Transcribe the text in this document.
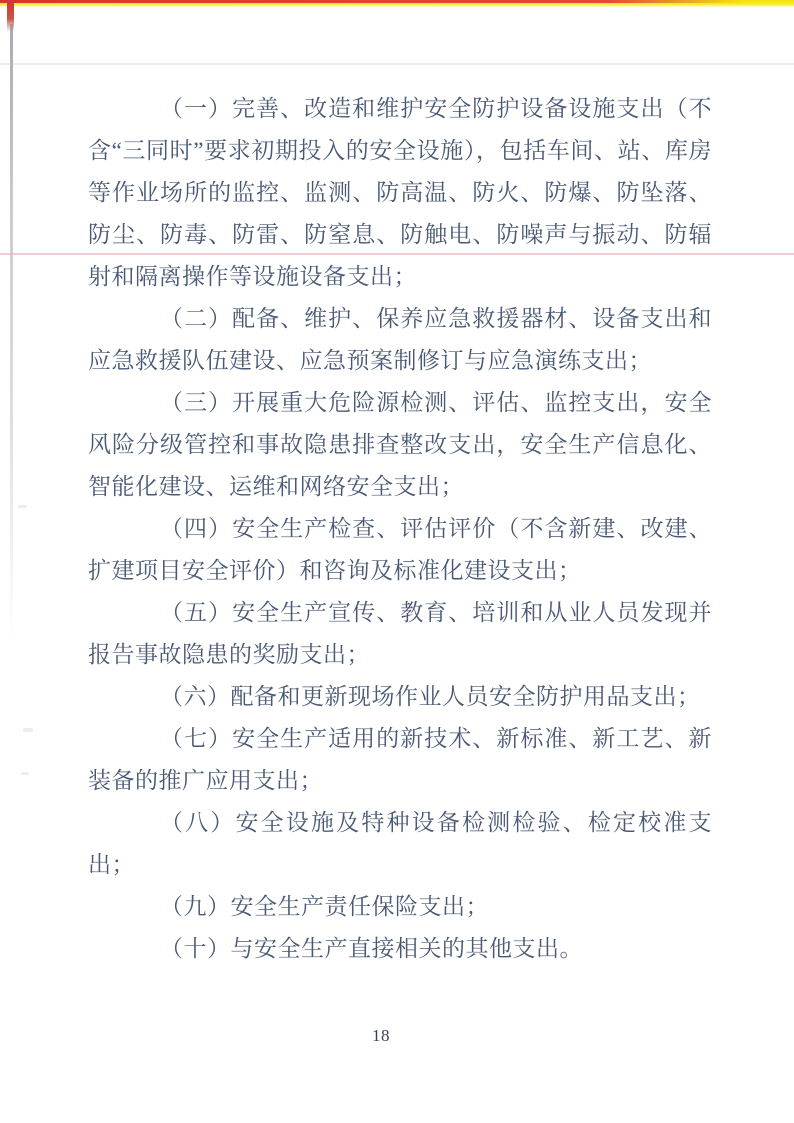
（一）完善、改造和维护安全防护设备设施支出（不含“三同时”要求初期投入的安全设施），包括车间、站、库房等作业场所的监控、监测、防高温、防火、防爆、防坠落、防尘、防毒、防雷、防窒息、防触电、防噪声与振动、防辐射和隔离操作等设施设备支出；

（二）配备、维护、保养应急救援器材、设备支出和应急救援队伍建设、应急预案制修订与应急演练支出；

（三）开展重大危险源检测、评估、监控支出，安全风险分级管控和事故隐患排查整改支出，安全生产信息化、智能化建设、运维和网络安全支出；

（四）安全生产检查、评估评价（不含新建、改建、扩建项目安全评价）和咨询及标准化建设支出；

（五）安全生产宣传、教育、培训和从业人员发现并报告事故隐患的奖励支出；

（六）配备和更新现场作业人员安全防护用品支出；

（七）安全生产适用的新技术、新标准、新工艺、新装备的推广应用支出；

（八）安全设施及特种设备检测检验、检定校准支出；

（九）安全生产责任保险支出；

（十）与安全生产直接相关的其他支出。

18
